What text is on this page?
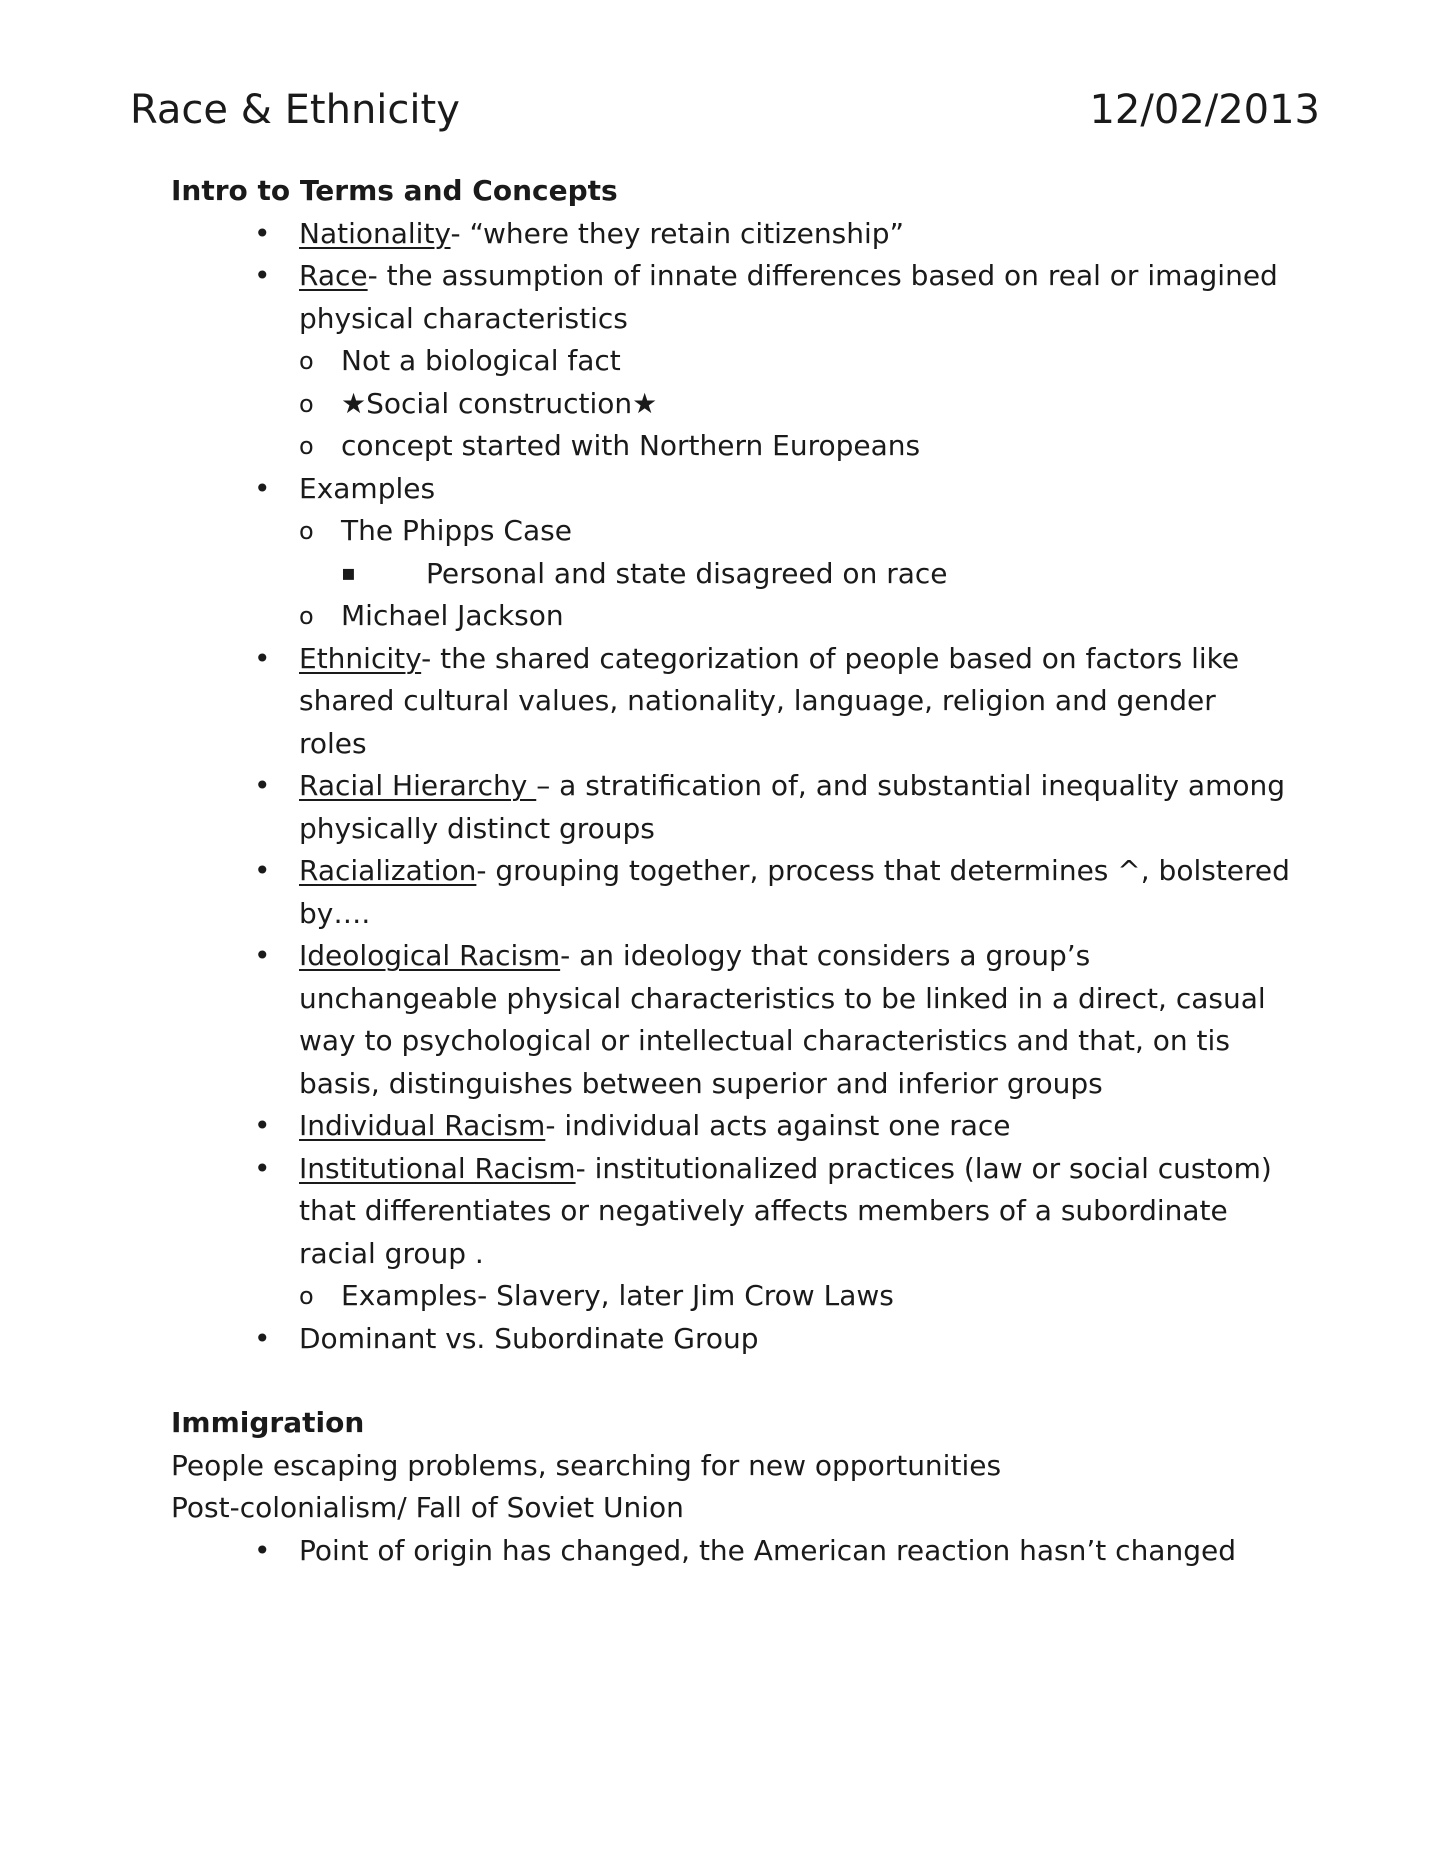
Race & Ethnicity	12/02/2013

Intro to Terms and Concepts

• Nationality- “where they retain citizenship”
• Race- the assumption of innate differences based on real or imagined physical characteristics
o Not a biological fact
o ★Social construction★
o concept started with Northern Europeans
• Examples
o The Phipps Case
▪ Personal and state disagreed on race
o Michael Jackson
• Ethnicity- the shared categorization of people based on factors like shared cultural values, nationality, language, religion and gender roles
• Racial Hierarchy – a stratification of, and substantial inequality among physically distinct groups
• Racialization- grouping together, process that determines ^, bolstered by….
• Ideological Racism- an ideology that considers a group’s unchangeable physical characteristics to be linked in a direct, casual way to psychological or intellectual characteristics and that, on tis basis, distinguishes between superior and inferior groups
• Individual Racism- individual acts against one race
• Institutional Racism- institutionalized practices (law or social custom) that differentiates or negatively affects members of a subordinate racial group .
o Examples- Slavery, later Jim Crow Laws
• Dominant vs. Subordinate Group

Immigration

People escaping problems, searching for new opportunities

Post-colonialism/ Fall of Soviet Union

• Point of origin has changed, the American reaction hasn’t changed
